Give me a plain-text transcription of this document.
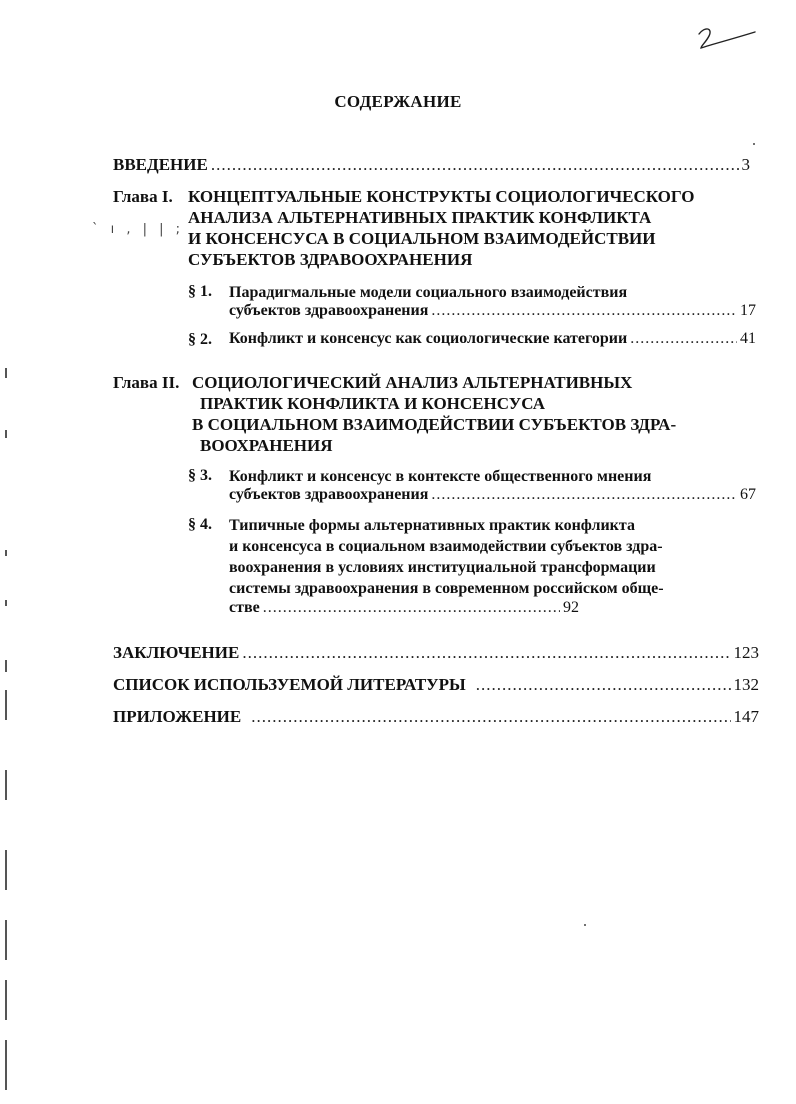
СОДЕРЖАНИЕ
ВВЕДЕНИЕ .....	3
Глава I. КОНЦЕПТУАЛЬНЫЕ КОНСТРУКТЫ СОЦИОЛОГИЧЕСКОГО
АНАЛИЗА АЛЬТЕРНАТИВНЫХ ПРАКТИК КОНФЛИКТА
И КОНСЕНСУСА В СОЦИАЛЬНОМ ВЗАИМОДЕЙСТВИИ
СУБЪЕКТОВ ЗДРАВООХРАНЕНИЯ
` ı , | | ;
§ 1. Парадигмальные модели социального взаимодействия
субъектов здравоохранения .....	17
§ 2. Конфликт и консенсус как социологические категории .....	41
Глава II. СОЦИОЛОГИЧЕСКИЙ АНАЛИЗ АЛЬТЕРНАТИВНЫХ
ПРАКТИК КОНФЛИКТА И КОНСЕНСУСА
В СОЦИАЛЬНОМ ВЗАИМОДЕЙСТВИИ СУБЪЕКТОВ ЗДРА-
ВООХРАНЕНИЯ
§ 3. Конфликт и консенсус в контексте общественного мнения
субъектов здравоохранения .....	67
§ 4. Типичные формы альтернативных практик конфликта
и консенсуса в социальном взаимодействии субъектов здра-
воохранения в условиях институциальной трансформации
системы здравоохранения в современном российском обще-
стве .....	92
ЗАКЛЮЧЕНИЕ .....	123
СПИСОК ИСПОЛЬЗУЕМОЙ ЛИТЕРАТУРЫ .....	132
ПРИЛОЖЕНИЕ .....	147
